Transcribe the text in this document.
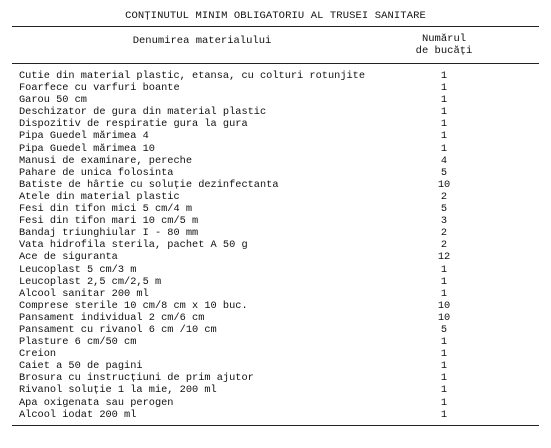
CONȚINUTUL MINIM OBLIGATORIU AL TRUSEI SANITARE
Denumirea materialului	Numărul
de bucăți
Cutie din material plastic, etansa, cu colturi rotunjite	1
Foarfece cu varfuri boante	1
Garou 50 cm	1
Deschizator de gura din material plastic	1
Dispozitiv de respiratie gura la gura	1
Pipa Guedel mărimea 4	1
Pipa Guedel mărimea 10	1
Manusi de examinare, pereche	4
Pahare de unica folosinta	5
Batiste de hârtie cu soluție dezinfectanta	10
Atele din material plastic	2
Fesi din tifon mici 5 cm/4 m	5
Fesi din tifon mari 10 cm/5 m	3
Bandaj triunghiular I - 80 mm	2
Vata hidrofila sterila, pachet A 50 g	2
Ace de siguranta	12
Leucoplast 5 cm/3 m	1
Leucoplast 2,5 cm/2,5 m	1
Alcool sanitar 200 ml	1
Comprese sterile 10 cm/8 cm x 10 buc.	10
Pansament individual 2 cm/6 cm	10
Pansament cu rivanol 6 cm /10 cm	5
Plasture 6 cm/50 cm	1
Creion	1
Caiet a 50 de pagini	1
Brosura cu instrucțiuni de prim ajutor	1
Rivanol soluție 1 la mie, 200 ml	1
Apa oxigenata sau perogen	1
Alcool iodat 200 ml	1
